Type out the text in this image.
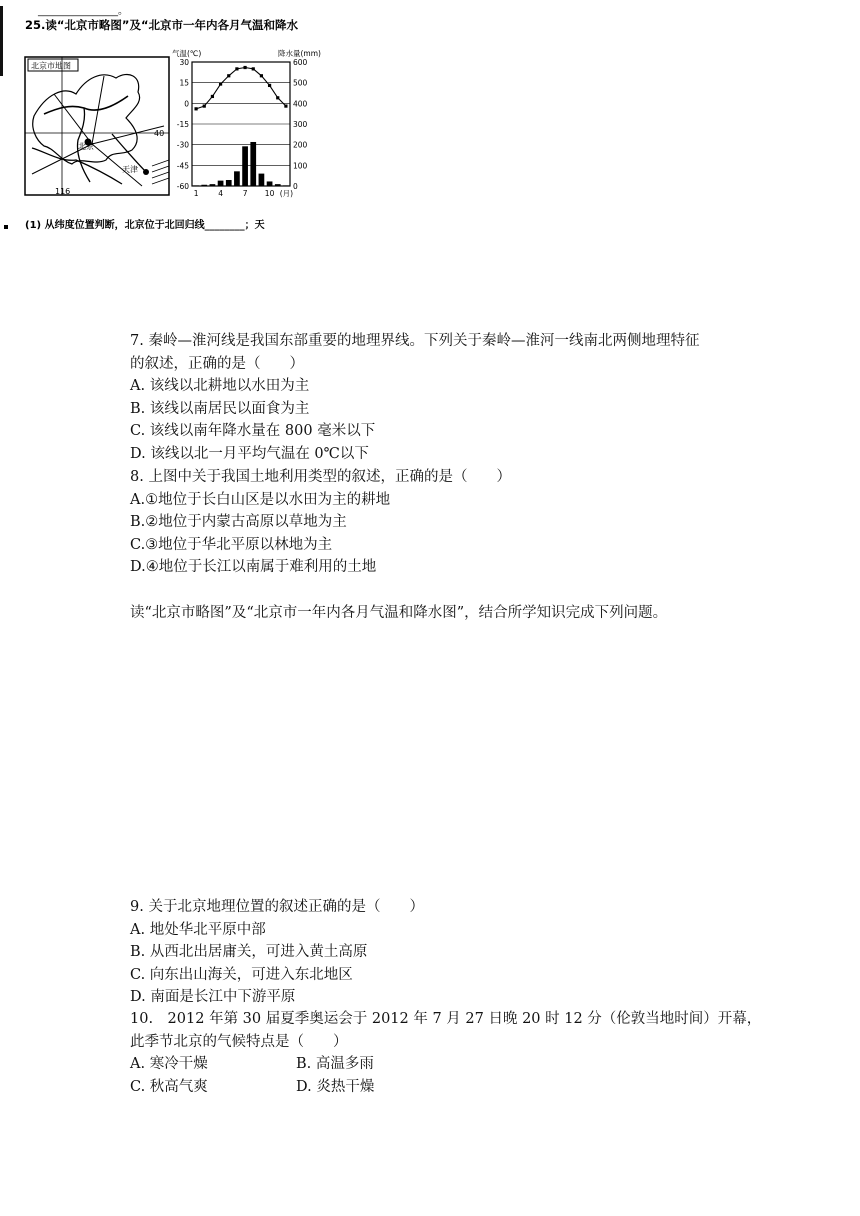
________________。
25.读“北京市略图”及“北京市一年内各月气温和降水
北京市地图
40
北京
天津
116
30
15
0
-15
-30
-45
-60
600
500
400
300
200
100
0
气温(℃)	降水量(mm)
1	4	7 10 (月)
(1) 从纬度位置判断，北京位于北回归线________；天
7. 秦岭—淮河线是我国东部重要的地理界线。下列关于秦岭—淮河一线南北两侧地理特征
的叙述，正确的是（　　）
A. 该线以北耕地以水田为主
B. 该线以南居民以面食为主
C. 该线以南年降水量在 800 毫米以下
D. 该线以北一月平均气温在 0℃以下
8. 上图中关于我国土地利用类型的叙述，正确的是（　　）
A.①地位于长白山区是以水田为主的耕地
B.②地位于内蒙古高原以草地为主
C.③地位于华北平原以林地为主
D.④地位于长江以南属于难利用的土地
读“北京市略图”及“北京市一年内各月气温和降水图”，结合所学知识完成下列问题。
9. 关于北京地理位置的叙述正确的是（　　）
A. 地处华北平原中部
B. 从西北出居庸关，可进入黄土高原
C. 向东出山海关，可进入东北地区
D. 南面是长江中下游平原
10.　2012 年第 30 届夏季奥运会于 2012 年 7 月 27 日晚 20 时 12 分（伦敦当地时间）开幕，
此季节北京的气候特点是（　　）
A. 寒冷干燥	B. 高温多雨
C. 秋高气爽	D. 炎热干燥
